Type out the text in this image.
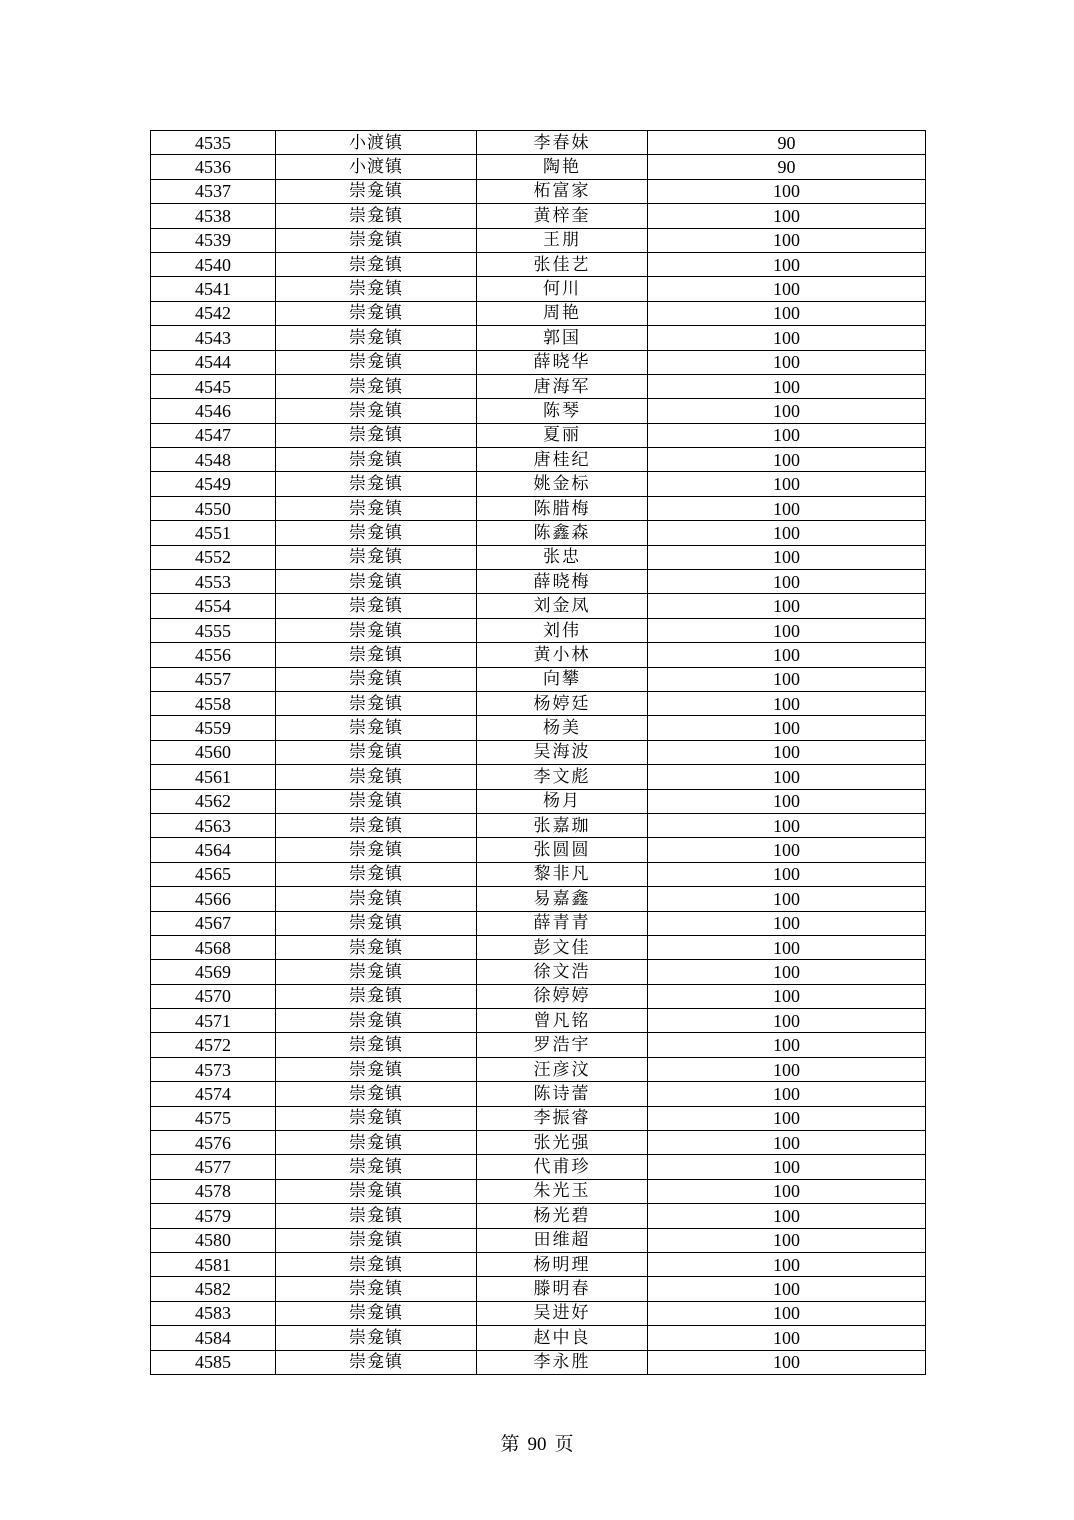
4535	小渡镇	李春妹	90
4536	小渡镇	陶艳	90
4537	崇龛镇	柘富家	100
4538	崇龛镇	黄梓奎	100
4539	崇龛镇	王朋	100
4540	崇龛镇	张佳艺	100
4541	崇龛镇	何川	100
4542	崇龛镇	周艳	100
4543	崇龛镇	郭国	100
4544	崇龛镇	薛晓华	100
4545	崇龛镇	唐海军	100
4546	崇龛镇	陈琴	100
4547	崇龛镇	夏丽	100
4548	崇龛镇	唐桂纪	100
4549	崇龛镇	姚金标	100
4550	崇龛镇	陈腊梅	100
4551	崇龛镇	陈鑫森	100
4552	崇龛镇	张忠	100
4553	崇龛镇	薛晓梅	100
4554	崇龛镇	刘金凤	100
4555	崇龛镇	刘伟	100
4556	崇龛镇	黄小林	100
4557	崇龛镇	向攀	100
4558	崇龛镇	杨婷廷	100
4559	崇龛镇	杨美	100
4560	崇龛镇	吴海波	100
4561	崇龛镇	李文彪	100
4562	崇龛镇	杨月	100
4563	崇龛镇	张嘉珈	100
4564	崇龛镇	张圆圆	100
4565	崇龛镇	黎非凡	100
4566	崇龛镇	易嘉鑫	100
4567	崇龛镇	薛青青	100
4568	崇龛镇	彭文佳	100
4569	崇龛镇	徐文浩	100
4570	崇龛镇	徐婷婷	100
4571	崇龛镇	曾凡铭	100
4572	崇龛镇	罗浩宇	100
4573	崇龛镇	汪彦汶	100
4574	崇龛镇	陈诗蕾	100
4575	崇龛镇	李振睿	100
4576	崇龛镇	张光强	100
4577	崇龛镇	代甫珍	100
4578	崇龛镇	朱光玉	100
4579	崇龛镇	杨光碧	100
4580	崇龛镇	田维超	100
4581	崇龛镇	杨明理	100
4582	崇龛镇	滕明春	100
4583	崇龛镇	吴进好	100
4584	崇龛镇	赵中良	100
4585	崇龛镇	李永胜	100
第 90 页
